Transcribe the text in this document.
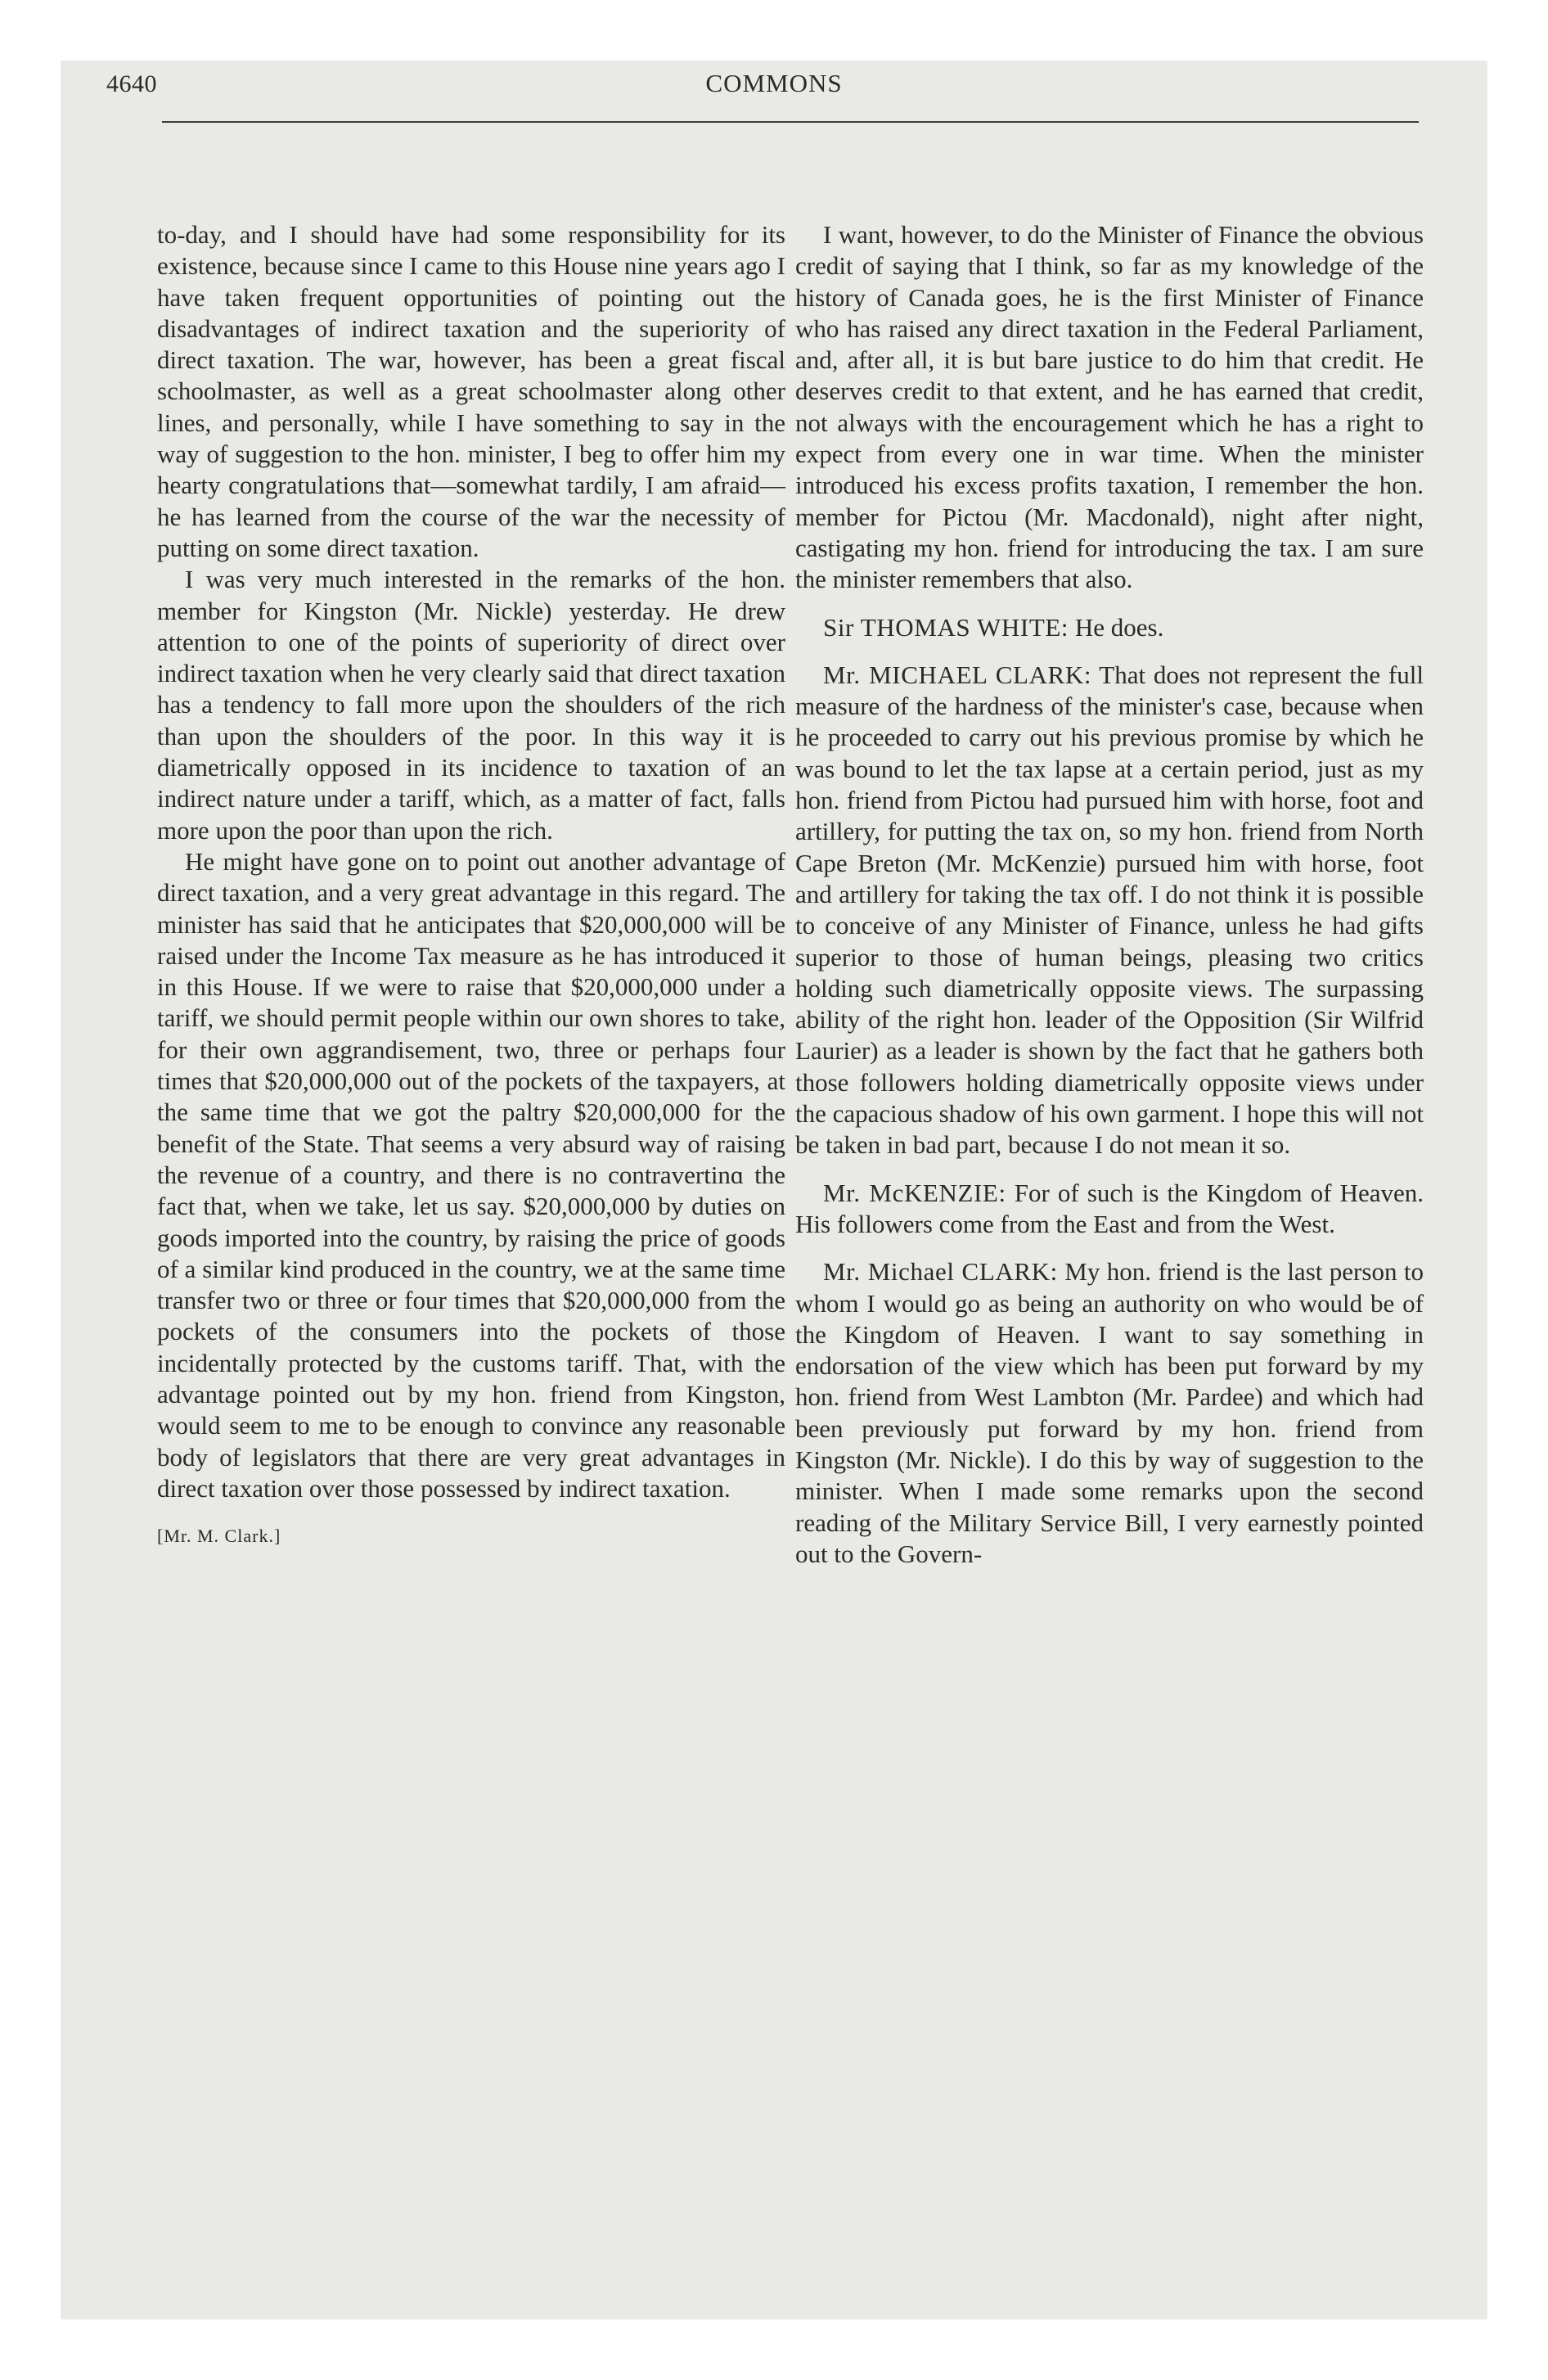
4640	COMMONS

to-day, and I should have had some responsibility for its existence, because since I came to this House nine years ago I have taken frequent opportunities of pointing out the disadvantages of indirect taxation and the superiority of direct taxation. The war, however, has been a great fiscal schoolmaster, as well as a great schoolmaster along other lines, and personally, while I have something to say in the way of suggestion to the hon. minister, I beg to offer him my hearty congratulations that—somewhat tardily, I am afraid—he has learned from the course of the war the necessity of putting on some direct taxation.

I was very much interested in the remarks of the hon. member for Kingston (Mr. Nickle) yesterday. He drew attention to one of the points of superiority of direct over indirect taxation when he very clearly said that direct taxation has a tendency to fall more upon the shoulders of the rich than upon the shoulders of the poor. In this way it is diametrically opposed in its incidence to taxation of an indirect nature under a tariff, which, as a matter of fact, falls more upon the poor than upon the rich.

He might have gone on to point out another advantage of direct taxation, and a very great advantage in this regard. The minister has said that he anticipates that $20,000,000 will be raised under the Income Tax measure as he has introduced it in this House. If we were to raise that $20,000,000 under a tariff, we should permit people within our own shores to take, for their own aggrandisement, two, three or perhaps four times that $20,000,000 out of the pockets of the taxpayers, at the same time that we got the paltry $20,000,000 for the benefit of the State. That seems a very absurd way of raising the revenue of a country, and there is no contravertinɑ the fact that, when we take, let us say. $20,000,000 by duties on goods imported into the country, by raising the price of goods of a similar kind produced in the country, we at the same time transfer two or three or four times that $20,000,000 from the pockets of the consumers into the pockets of those incidentally protected by the customs tariff. That, with the advantage pointed out by my hon. friend from Kingston, would seem to me to be enough to convince any reasonable body of legislators that there are very great advantages in direct taxation over those possessed by indirect taxation.

[Mr. M. Clark.]

I want, however, to do the Minister of Finance the obvious credit of saying that I think, so far as my knowledge of the history of Canada goes, he is the first Minister of Finance who has raised any direct taxation in the Federal Parliament, and, after all, it is but bare justice to do him that credit. He deserves credit to that extent, and he has earned that credit, not always with the encouragement which he has a right to expect from every one in war time. When the minister introduced his excess profits taxation, I remember the hon. member for Pictou (Mr. Macdonald), night after night, castigating my hon. friend for introducing the tax. I am sure the minister remembers that also.

Sir THOMAS WHITE: He does.

Mr. MICHAEL CLARK: That does not represent the full measure of the hardness of the minister's case, because when he proceeded to carry out his previous promise by which he was bound to let the tax lapse at a certain period, just as my hon. friend from Pictou had pursued him with horse, foot and artillery, for putting the tax on, so my hon. friend from North Cape Breton (Mr. McKenzie) pursued him with horse, foot and artillery for taking the tax off. I do not think it is possible to conceive of any Minister of Finance, unless he had gifts superior to those of human beings, pleasing two critics holding such diametrically opposite views. The surpassing ability of the right hon. leader of the Opposition (Sir Wilfrid Laurier) as a leader is shown by the fact that he gathers both those followers holding diametrically opposite views under the capacious shadow of his own garment. I hope this will not be taken in bad part, because I do not mean it so.

Mr. McKENZIE: For of such is the Kingdom of Heaven. His followers come from the East and from the West.

Mr. Michael CLARK: My hon. friend is the last person to whom I would go as being an authority on who would be of the Kingdom of Heaven. I want to say something in endorsation of the view which has been put forward by my hon. friend from West Lambton (Mr. Pardee) and which had been previously put forward by my hon. friend from Kingston (Mr. Nickle). I do this by way of suggestion to the minister. When I made some remarks upon the second reading of the Military Service Bill, I very earnestly pointed out to the Govern-
